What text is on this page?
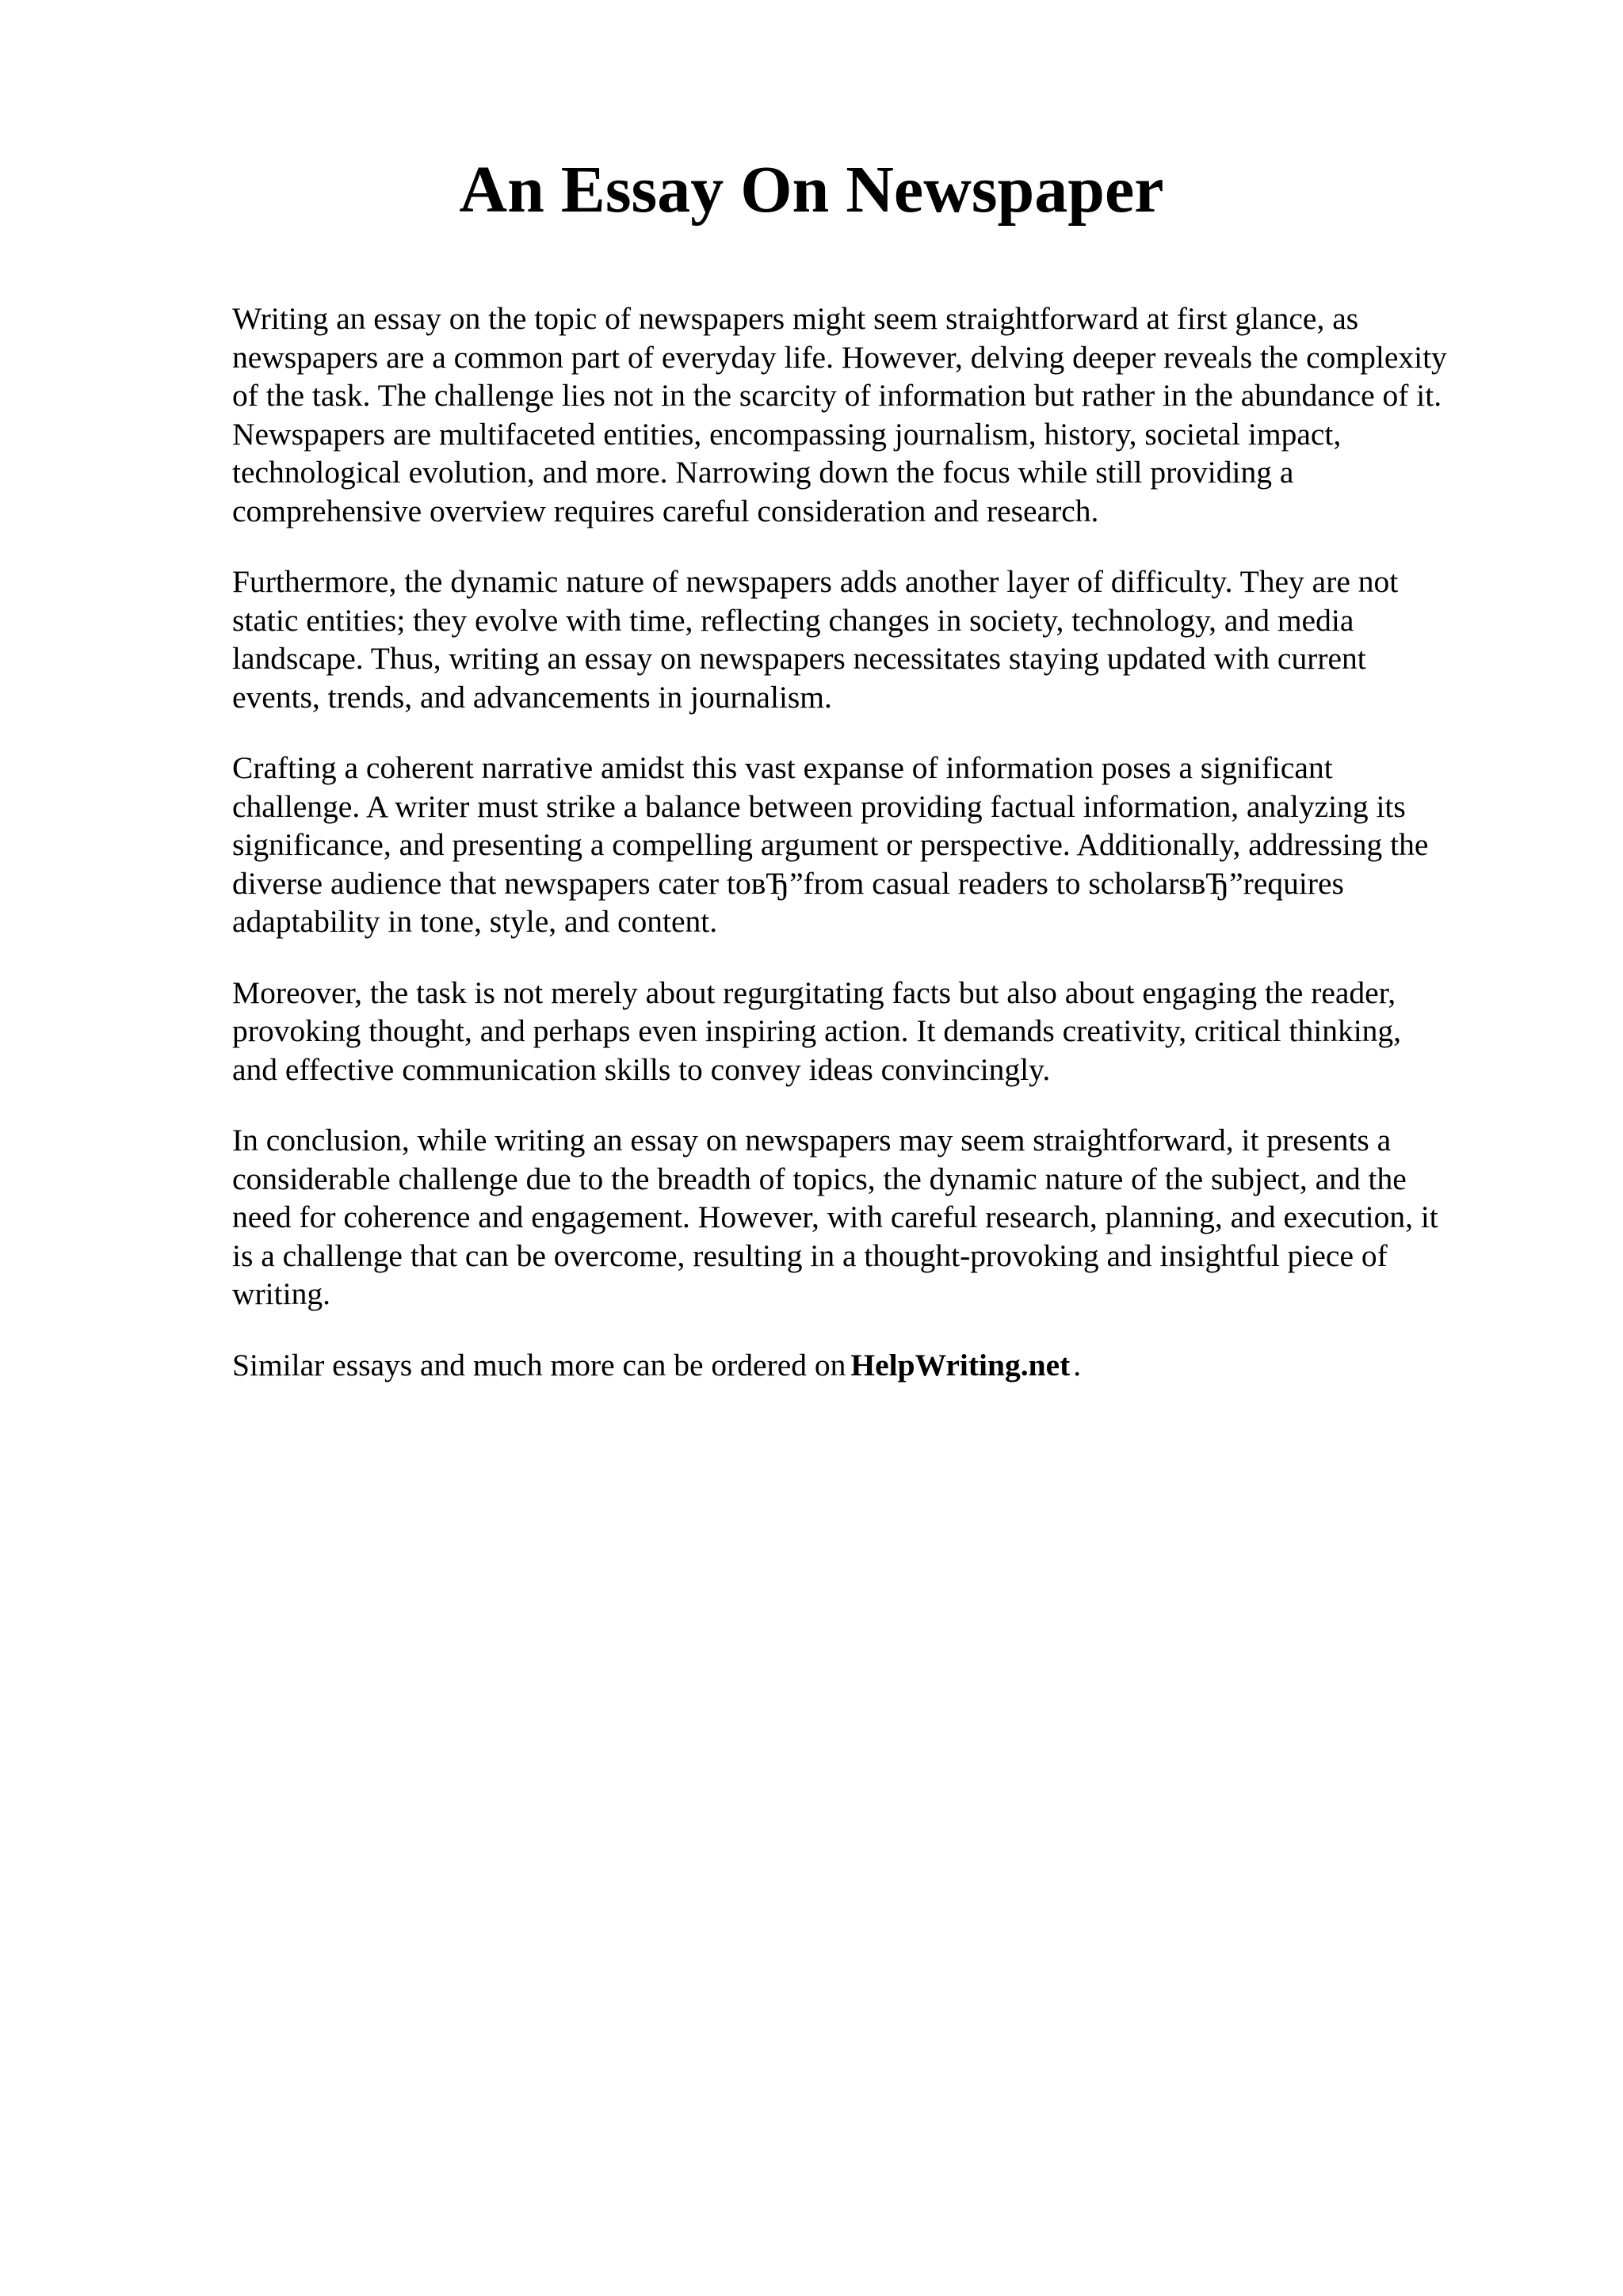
An Essay On Newspaper

Writing an essay on the topic of newspapers might seem straightforward at first glance, as
newspapers are a common part of everyday life. However, delving deeper reveals the complexity
of the task. The challenge lies not in the scarcity of information but rather in the abundance of it.
Newspapers are multifaceted entities, encompassing journalism, history, societal impact,
technological evolution, and more. Narrowing down the focus while still providing a
comprehensive overview requires careful consideration and research.

Furthermore, the dynamic nature of newspapers adds another layer of difficulty. They are not
static entities; they evolve with time, reflecting changes in society, technology, and media
landscape. Thus, writing an essay on newspapers necessitates staying updated with current
events, trends, and advancements in journalism.

Crafting a coherent narrative amidst this vast expanse of information poses a significant
challenge. A writer must strike a balance between providing factual information, analyzing its
significance, and presenting a compelling argument or perspective. Additionally, addressing the
diverse audience that newspapers cater toвЂ”from casual readers to scholarsвЂ”requires
adaptability in tone, style, and content.

Moreover, the task is not merely about regurgitating facts but also about engaging the reader,
provoking thought, and perhaps even inspiring action. It demands creativity, critical thinking,
and effective communication skills to convey ideas convincingly.

In conclusion, while writing an essay on newspapers may seem straightforward, it presents a
considerable challenge due to the breadth of topics, the dynamic nature of the subject, and the
need for coherence and engagement. However, with careful research, planning, and execution, it
is a challenge that can be overcome, resulting in a thought-provoking and insightful piece of
writing.

Similar essays and much more can be ordered on HelpWriting.net .
